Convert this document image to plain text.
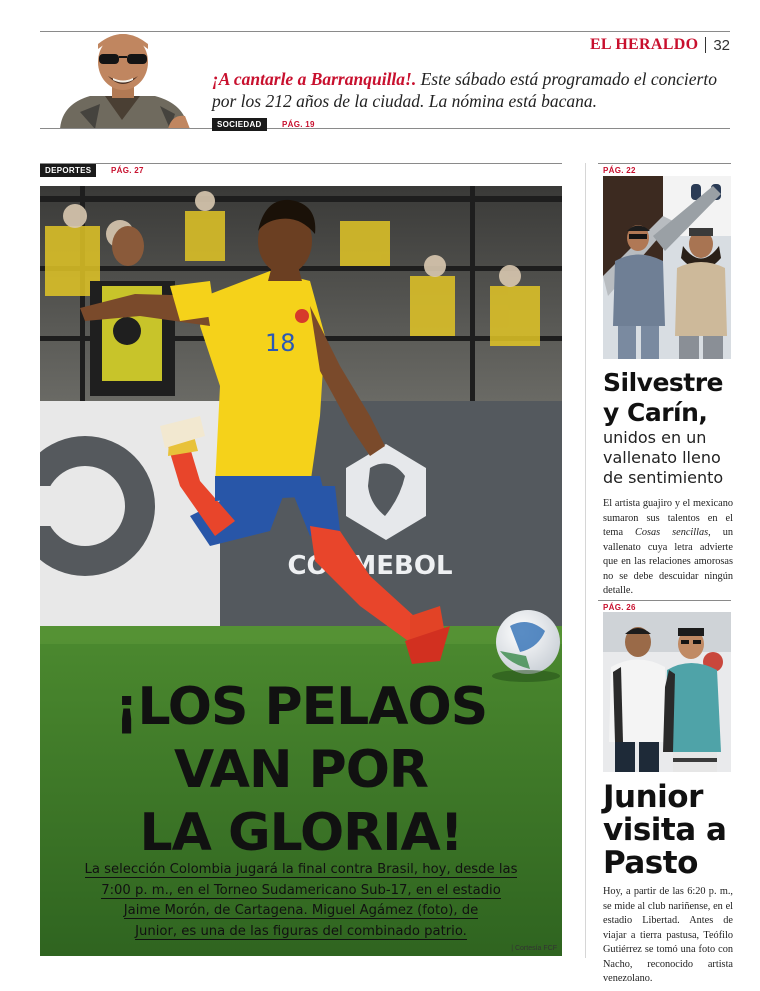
EL HERALDO 32

¡A cantarle a Barranquilla!. Este sábado está programado el concierto por los 212 años de la ciudad. La nómina está bacana.

SOCIEDAD	PÁG. 19
DEPORTES	PÁG. 27
CONMEBOL
18
¡LOS PELAOS
VAN POR
LA GLORIA!
La selección Colombia jugará la final contra Brasil, hoy, desde las
7:00 p. m., en el Torneo Sudamericano Sub-17, en el estadio
Jaime Morón, de Cartagena. Miguel Agámez (foto), de
Junior, es una de las figuras del combinado patrio.
| Cortesía FCF
PÁG. 22
Silvestre y Carín,
unidos en un vallenato lleno de sentimiento

El artista guajiro y el mexicano sumaron sus talentos en el tema Cosas sencillas, un vallenato cuya letra advierte que en las relaciones amorosas no se debe descuidar ningún detalle.

PÁG. 26
Junior visita a Pasto

Hoy, a partir de las 6:20 p. m., se mide al club nariñense, en el estadio Libertad. Antes de viajar a tierra pastusa, Teófilo Gutiérrez se tomó una foto con Nacho, reconocido artista venezolano.
